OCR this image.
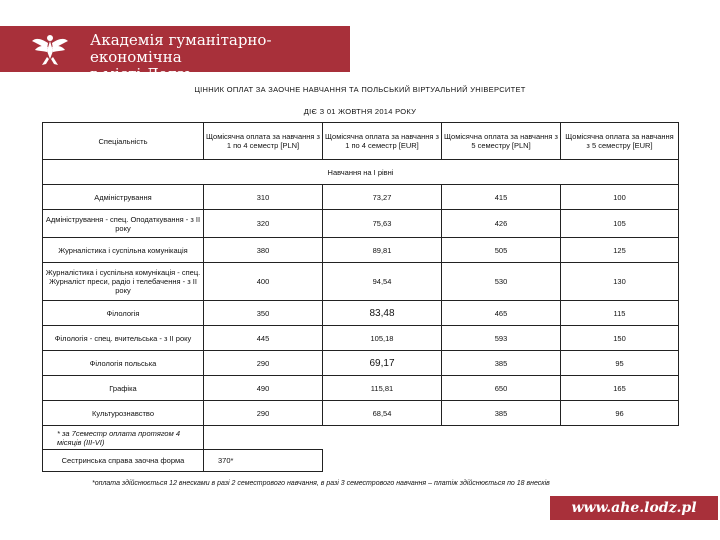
Академія гуманітарно-економічна
в місті Лодзь
ЦІННИК ОПЛАТ ЗА ЗАОЧНЕ НАВЧАННЯ ТА ПОЛЬСЬКИЙ ВІРТУАЛЬНИЙ УНІВЕРСИТЕТ
ДІЄ З 01 ЖОВТНЯ 2014 РОКУ
Спеціальність	Щомісячна оплата за навчання з 1 по 4 семестр [PLN]	Щомісячна оплата за навчання з 1 по 4 семестр [EUR]	Щомісячна оплата за навчання з 5 семестру [PLN]	Щомісячна оплата за навчання з 5 семестру [EUR]
Навчання на І рівні				
Адміністрування	310	73,27	415	100
Адміністрування - спец. Оподаткування - з ІІ року	320	75,63	426	105
Журналістика і суспільна комунікація	380	89,81	505	125
Журналістика і суспільна комунікація - спец. Журналіст преси, радіо і телебачення - з ІІ року	400	94,54	530	130
Філологія	350	83,48	465	115
Філологія - спец. вчительська - з ІІ року	445	105,18	593	150
Філологія польська	290	69,17	385	95
Графіка	490	115,81	650	165
Культурознавство	290	68,54	385	96
* за 7семестр оплата протягом 4 місяців (ІІІ-VI)				
Сестринська справа заочна форма	370*			
*оплата здійснюється 12 внесками в разі 2 семестрового навчання, в разі 3 семестрового навчання – платіж здійснюється по 18 внесків
www.ahe.lodz.pl
